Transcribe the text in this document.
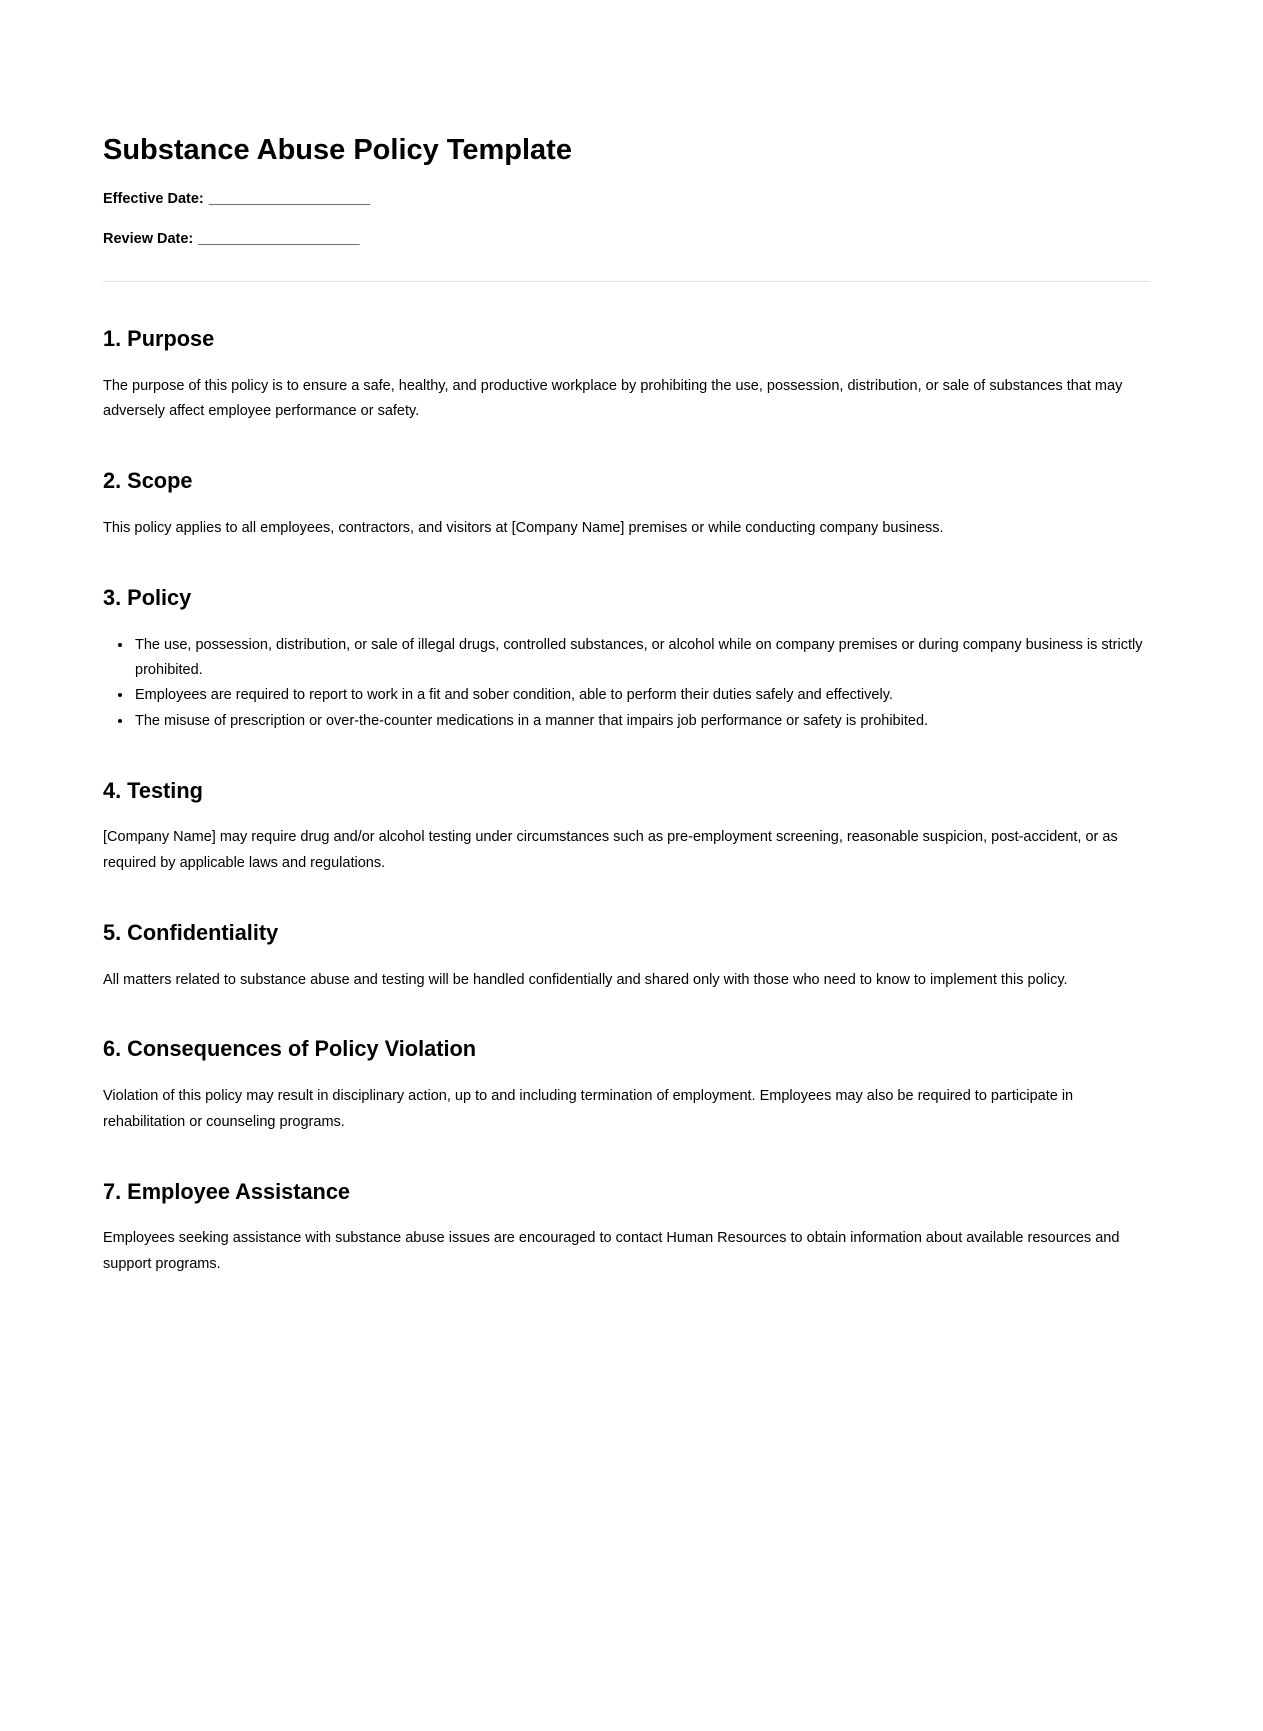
Substance Abuse Policy Template

Effective Date: ____________________

Review Date: ____________________

1. Purpose

The purpose of this policy is to ensure a safe, healthy, and productive workplace by prohibiting the use, possession, distribution, or sale of substances that may adversely affect employee performance or safety.

2. Scope

This policy applies to all employees, contractors, and visitors at [Company Name] premises or while conducting company business.

3. Policy
• The use, possession, distribution, or sale of illegal drugs, controlled substances, or alcohol while on company premises or during company business is strictly prohibited.
• Employees are required to report to work in a fit and sober condition, able to perform their duties safely and effectively.
• The misuse of prescription or over-the-counter medications in a manner that impairs job performance or safety is prohibited.
4. Testing

[Company Name] may require drug and/or alcohol testing under circumstances such as pre-employment screening, reasonable suspicion, post-accident, or as required by applicable laws and regulations.

5. Confidentiality

All matters related to substance abuse and testing will be handled confidentially and shared only with those who need to know to implement this policy.

6. Consequences of Policy Violation

Violation of this policy may result in disciplinary action, up to and including termination of employment. Employees may also be required to participate in rehabilitation or counseling programs.

7. Employee Assistance

Employees seeking assistance with substance abuse issues are encouraged to contact Human Resources to obtain information about available resources and support programs.
